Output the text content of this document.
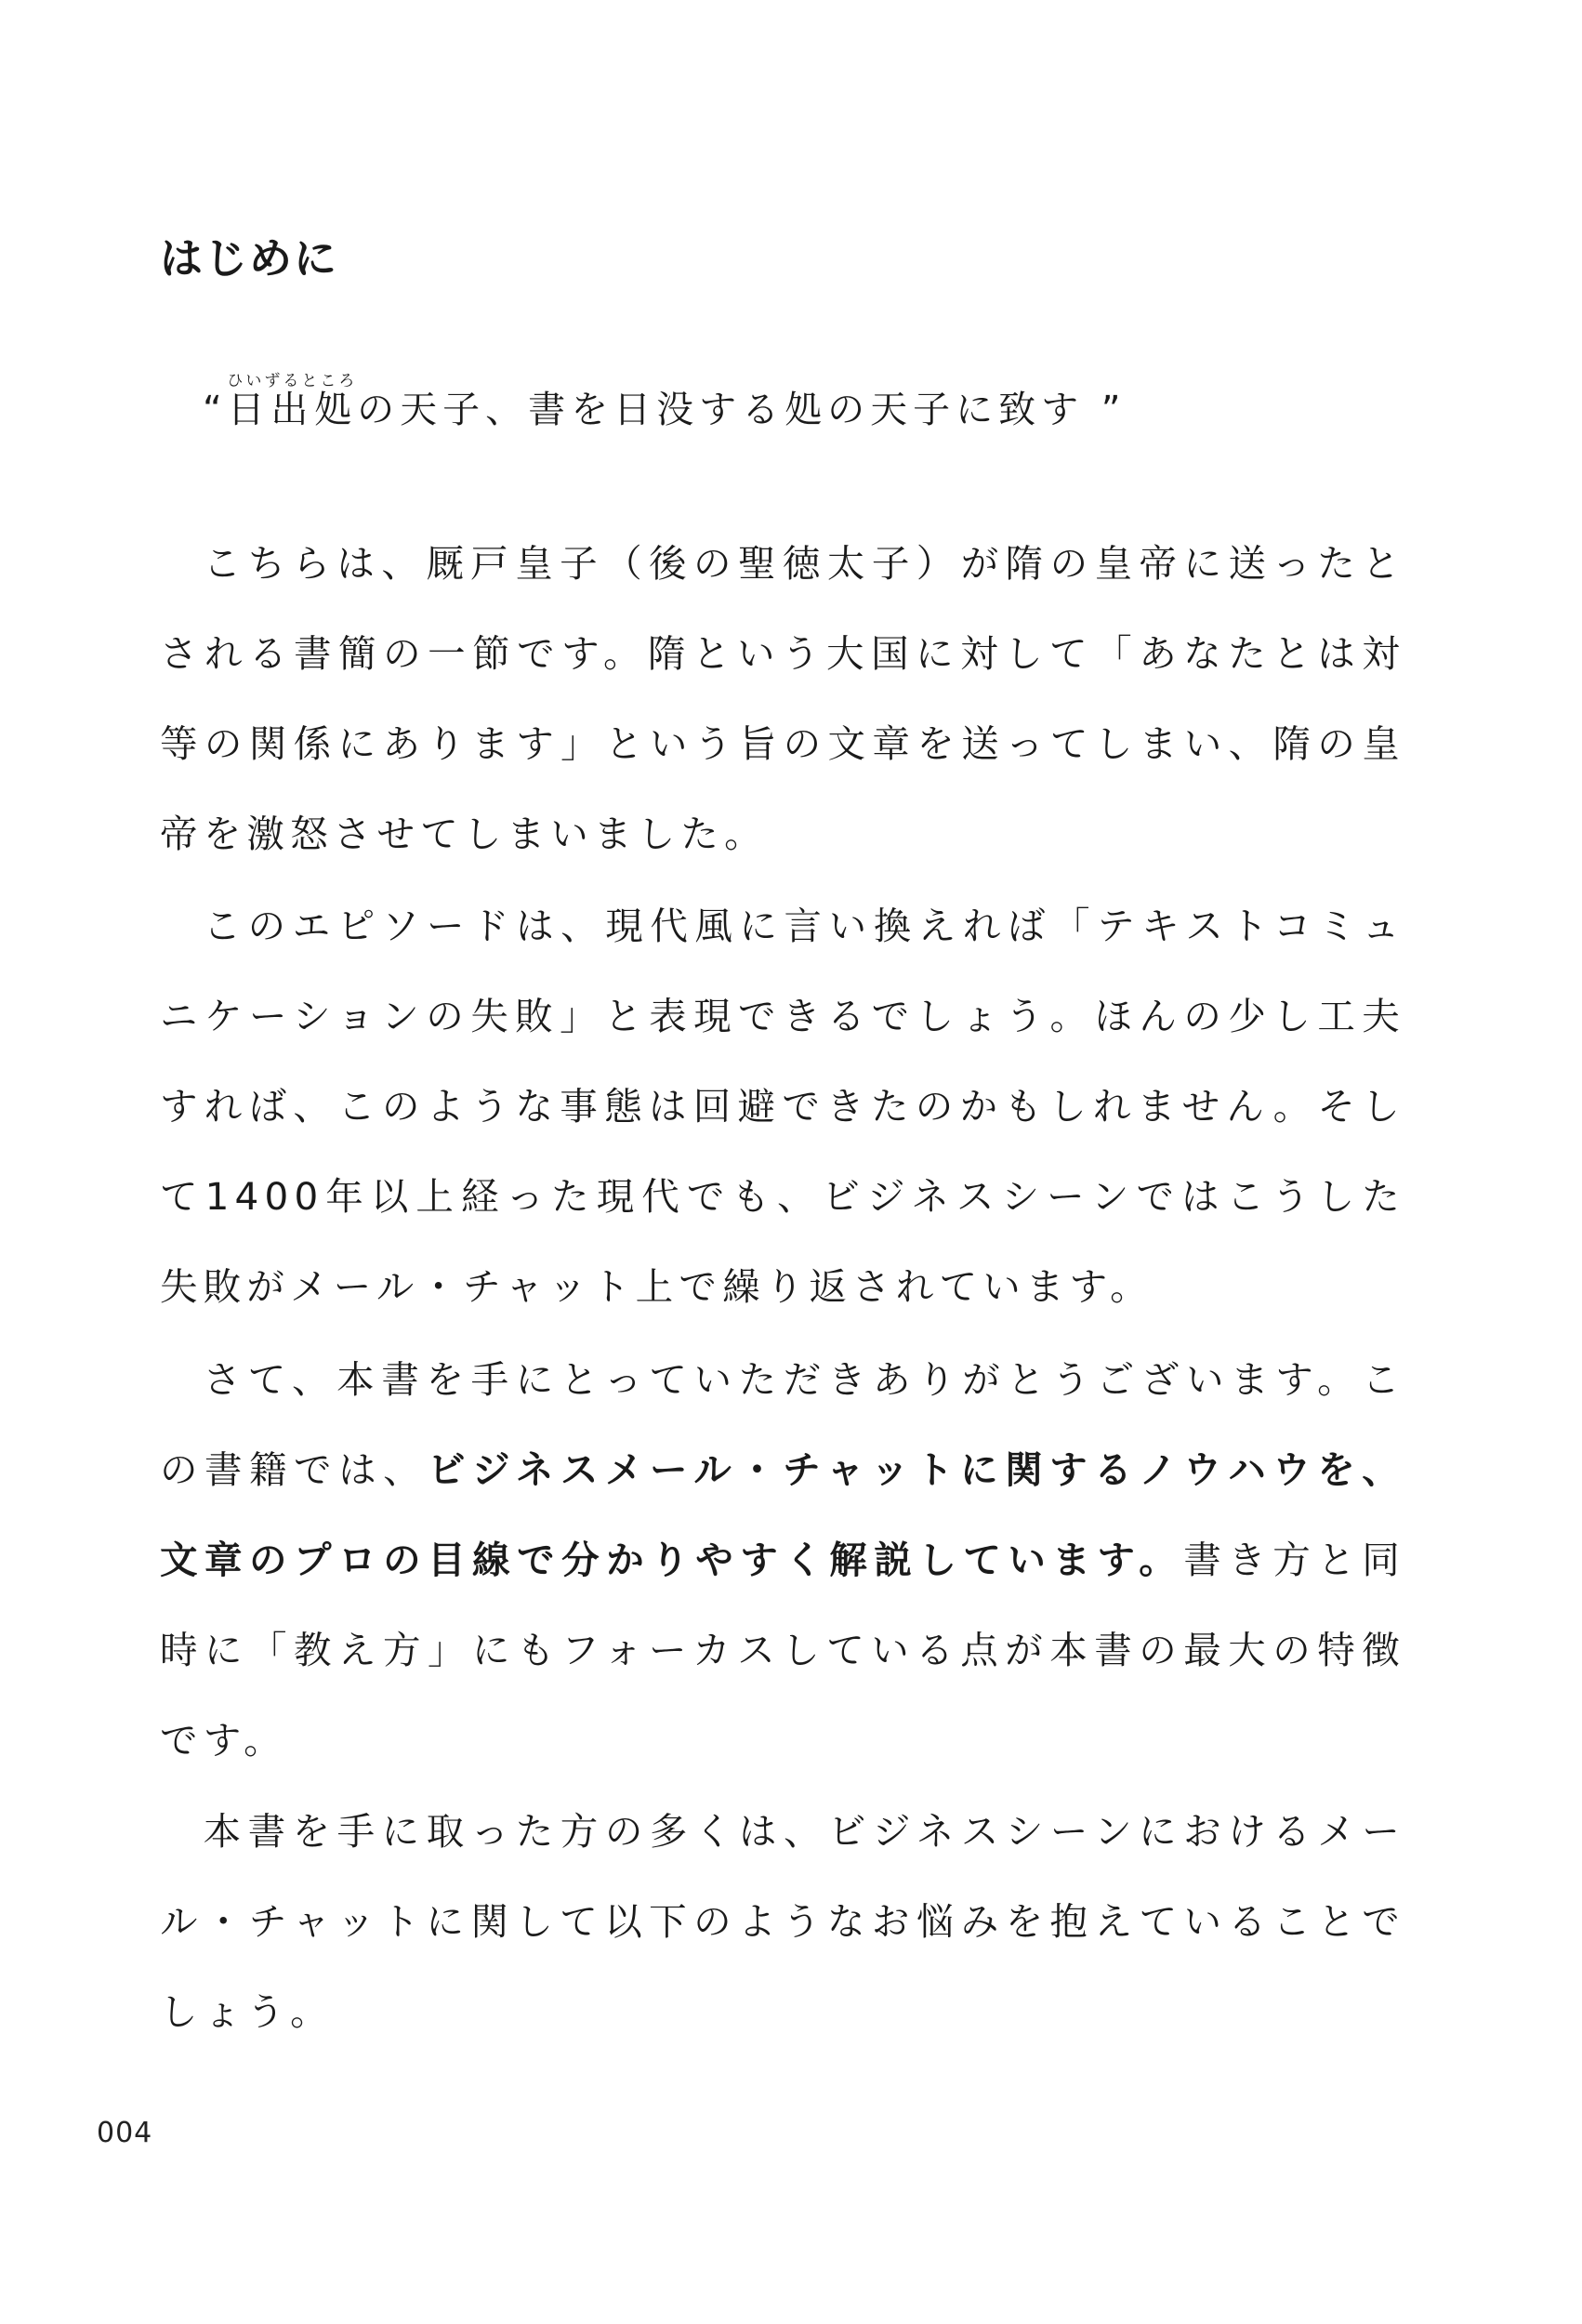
はじめに
“日出処ひいずるところの天子、書を日没する処の天子に致す ”

こちらは、厩戸皇子（後の聖徳太子）が隋の皇帝に送ったとされる書簡の一節です。隋という大国に対して「あなたとは対等の関係にあります」という旨の文章を送ってしまい、隋の皇帝を激怒させてしまいました。

このエピソードは、現代風に言い換えれば「テキストコミュニケーションの失敗」と表現できるでしょう。ほんの少し工夫すれば、このような事態は回避できたのかもしれません。そして1400年以上経った現代でも、ビジネスシーンではこうした失敗がメール・チャット上で繰り返されています。

さて、本書を手にとっていただきありがとうございます。この書籍では、ビジネスメール・チャットに関するノウハウを、文章のプロの目線で分かりやすく解説しています。書き方と同時に「教え方」にもフォーカスしている点が本書の最大の特徴です。

本書を手に取った方の多くは、ビジネスシーンにおけるメール・チャットに関して以下のようなお悩みを抱えていることでしょう。

004
